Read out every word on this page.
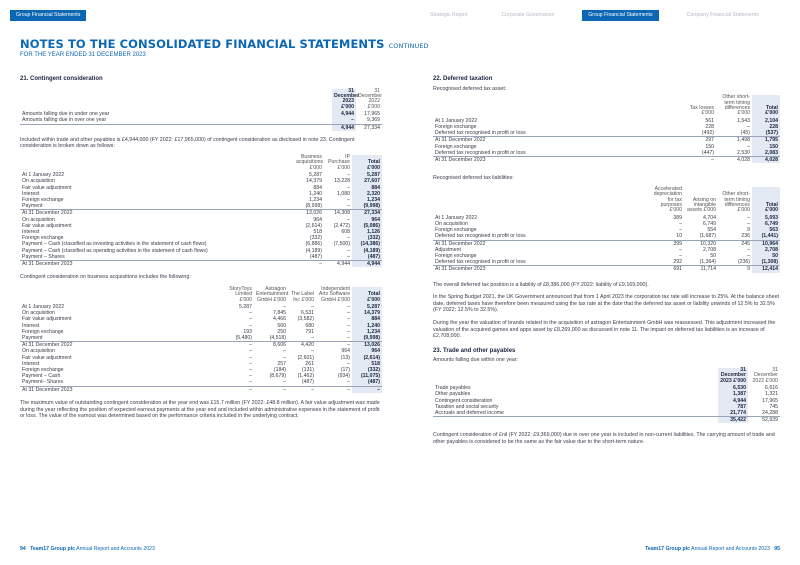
Group Financial Statements	Strategic Report	Corporate Governance	Group Financial Statements	Company Financial Statements
NOTES TO THE CONSOLIDATED FINANCIAL STATEMENTS CONTINUED
FOR THE YEAR ENDED 31 DECEMBER 2023
21. Contingent consideration
	31 December 2023 £'000	31 December 2022 £'000
Amounts falling due in under one year	4,944	17,965
Amounts falling due in over one year	–	9,369
	4,944	27,334
Included within trade and other payables is £4,944,000 (FY 2022: £17,965,000) of contingent consideration as disclosed in note 23. Contingent consideration is broken down as follows:
	Business acquisitions £'000	IP Purchase £'000	Total £'000
At 1 January 2022	5,287	–	5,287
On acquisition	14,379	13,228	27,607
Fair value adjustment	884	–	884
Interest	1,240	1,080	2,320
Foreign exchange	1,234	–	1,234
Payment	(8,998)	–	(9,998)
At 31 December 2022	13,026	14,308	27,334
On acquisition	964	–	964
Fair value adjustment	(2,614)	(2,472)	(5,086)
Interest	518	608	1,126
Foreign exchange	(332)	–	(332)
Payment – Cash (classified as investing activities in the statement of cash flows)	(6,886)	(7,500)	(14,386)
Payment – Cash (classified as operating activities in the statement of cash flows)	(4,189)	–	(4,189)
Payment – Shares	(487)	–	(487)
At 31 December 2023	–	4,944	4,944
Contingent consideration on business acquisitions includes the following:
	StoryToys Limited £'000	Astragon Entertainment GmbH £'000	The Label Inc £'000	Independent Arts Software GmbH £'000	Total £'000
At 1 January 2022	5,287	–	–	–	5,287
On acquisition	–	7,845	6,531	–	14,379
Fair value adjustment	–	4,466	(3,582)	–	884
Interest	–	560	680	–	1,240
Foreign exchange	193	250	791	–	1,234
Payment	(5,480)	(4,518)	–	–	(9,998)
At 31 December 2022	–	8,606	4,420	–	13,026
On acquisition	–	–	–	964	964
Fair value adjustment	–	–	(2,601)	(13)	(2,614)
Interest	–	257	261	–	518
Foreign exchange	–	(184)	(131)	(17)	(332)
Payment – Cash	–	(8,679)	(1,462)	(934)	(11,075)
Payment– Shares	–	–	(487)	–	(487)
At 31 December 2023	–	–	–	–	–
The maximum value of outstanding contingent consideration at the year end was £15.7 million (FY 2022: £48.8 million). A fair value adjustment was made during the year reflecting the position of expected earnout payments at the year end and included within administrative expenses in the statement of profit or loss. The value of the earnout was determined based on the performance criteria included in the underlying contract.
22. Deferred taxation
Recognised deferred tax asset:
	Tax losses £'000	Other short-term timing differences £'000	Total £'000
At 1 January 2022	561	1,543	2,104
Foreign exchange	228	–	228
Deferred tax recognised in profit or loss	(492)	(45)	(537)
At 31 December 2022	297	1,498	1,795
Foreign exchange	150	–	150
Deferred tax recognised in profit or loss	(447)	2,530	2,083
At 31 December 2023	–	4,028	4,028
Recognised deferred tax liabilities:
	Accelerated depreciation for tax purposes £'000	Arising on intangible assets £'000	Other short-term timing differences £'000	Total £'000
At 1 January 2022	389	4,704	–	5,093
On acquisition	–	6,749	–	6,749
Foreign exchange	–	554	9	563
Deferred tax recognised in profit or loss	10	(1,687)	236	(1,441)
At 31 December 2022	399	10,320	245	10,964
Adjustment	–	2,708	–	2,708
Foreign exchange	–	50	–	50
Deferred tax recognised in profit or loss	292	(1,364)	(236)	(1,308)
At 31 December 2023	691	11,714	9	12,414
The overall deferred tax position is a liability of £8,386,000 (FY 2022: liability of £9,169,000).
In the Spring Budget 2021, the UK Government announced that from 1 April 2023 the corporation tax rate will increase to 25%. At the balance sheet date, deferred taxes have therefore been measured using the tax rate at the date that the deferred tax asset or liability unwinds of 12.5% to 32.5% (FY 2022: 12.5% to 32.5%).
During the year the valuation of brands related to the acquisition of astragon Entertainment GmbH was reassessed. This adjustment increased the valuation of the acquired games and apps asset by £8,269,000 as discussed in note 11. The impact on deferred tax liabilities is an increase of £2,708,000.
23. Trade and other payables
Amounts falling due within one year:
	31 December 2023 £'000	31 December 2022 £'000
Trade payables	6,530	6,616
Other payables	1,387	1,321
Contingent consideration	4,944	17,965
Taxation and social security	787	745
Accruals and deferred income	21,774	24,288
	35,422	52,939
Contingent consideration of £nil (FY 2022: £9,369,000) due in over one year is included in non-current liabilities. The carrying amount of trade and other payables is considered to be the same as the fair value due to the short-term nature.
94 Team17 Group plc Annual Report and Accounts 2023	Team17 Group plc Annual Report and Accounts 2023 95
